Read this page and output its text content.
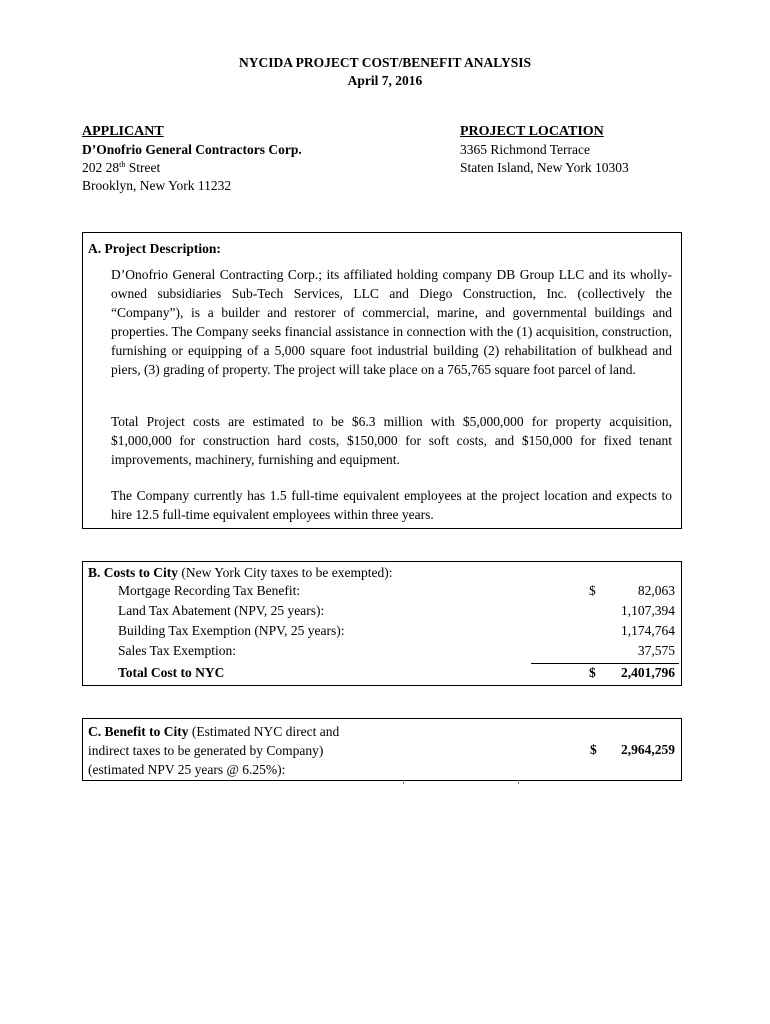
NYCIDA PROJECT COST/BENEFIT ANALYSIS
April 7, 2016
APPLICANT
D’Onofrio General Contractors Corp.
202 28th Street
Brooklyn, New York 11232
PROJECT LOCATION
3365 Richmond Terrace
Staten Island, New York 10303
A. Project Description:
D’Onofrio General Contracting Corp.; its affiliated holding company DB Group LLC and its wholly-owned subsidiaries Sub-Tech Services, LLC and Diego Construction, Inc. (collectively the “Company”), is a builder and restorer of commercial, marine, and governmental buildings and properties. The Company seeks financial assistance in connection with the (1) acquisition, construction, furnishing or equipping of a 5,000 square foot industrial building (2) rehabilitation of bulkhead and piers, (3) grading of property. The project will take place on a 765,765 square foot parcel of land.
Total Project costs are estimated to be $6.3 million with $5,000,000 for property acquisition, $1,000,000 for construction hard costs, $150,000 for soft costs, and $150,000 for fixed tenant improvements, machinery, furnishing and equipment.
The Company currently has 1.5 full-time equivalent employees at the project location and expects to hire 12.5 full-time equivalent employees within three years.
B. Costs to City (New York City taxes to be exempted):
Mortgage Recording Tax Benefit:	$	82,063
Land Tax Abatement (NPV, 25 years):	1,107,394
Building Tax Exemption (NPV, 25 years):	1,174,764
Sales Tax Exemption:	37,575
Total Cost to NYC	$ 2,401,796
C. Benefit to City (Estimated NYC direct and
indirect taxes to be generated by Company)
(estimated NPV 25 years @ 6.25%):
$ 2,964,259
